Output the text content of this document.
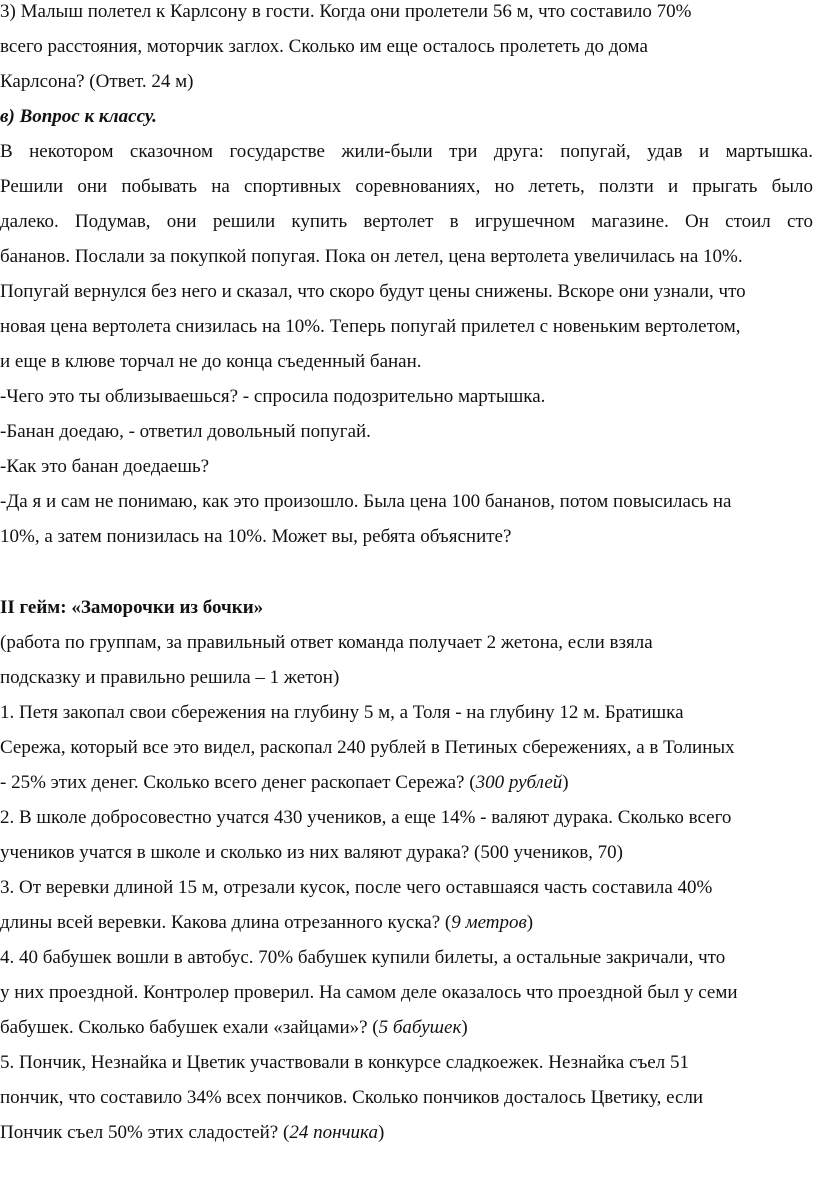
3) Малыш полетел к Карлсону в гости. Когда они пролетели 56 м, что составило 70%
всего расстояния, моторчик заглох. Сколько им еще осталось пролететь до дома
Карлсона? (Ответ. 24 м)
в) Вопрос к классу.
В некотором сказочном государстве жили-были три друга: попугай, удав и мартышка.
Решили они побывать на спортивных соревнованиях, но лететь, ползти и прыгать было
далеко. Подумав, они решили купить вертолет в игрушечном магазине. Он стоил сто
бананов. Послали за покупкой попугая. Пока он летел, цена вертолета увеличилась на 10%.
Попугай вернулся без него и сказал, что скоро будут цены снижены. Вскоре они узнали, что
новая цена вертолета снизилась на 10%. Теперь попугай прилетел с новеньким вертолетом,
и еще в клюве торчал не до конца съеденный банан.
-Чего это ты облизываешься? - спросила подозрительно мартышка.
-Банан доедаю, - ответил довольный попугай.
-Как это банан доедаешь?
-Да я и сам не понимаю, как это произошло. Была цена 100 бананов, потом повысилась на
10%, а затем понизилась на 10%. Может вы, ребята объясните?
II гейм: «Заморочки из бочки»
(работа по группам, за правильный ответ команда получает 2 жетона, если взяла
подсказку и правильно решила – 1 жетон)
1. Петя закопал свои сбережения на глубину 5 м, а Толя - на глубину 12 м. Братишка
Сережа, который все это видел, раскопал 240 рублей в Петиных сбережениях, а в Толиных
- 25% этих денег. Сколько всего денег раскопает Сережа? ( 300 рублей )
2. В школе добросовестно учатся 430 учеников, а еще 14% - валяют дурака. Сколько всего
учеников учатся в школе и сколько из них валяют дурака? (500 учеников, 70)
3. От веревки длиной 15 м, отрезали кусок, после чего оставшаяся часть составила 40%
длины всей веревки. Какова длина отрезанного куска? ( 9 метров )
4. 40 бабушек вошли в автобус. 70% бабушек купили билеты, а остальные закричали, что
у них проездной. Контролер проверил. На самом деле оказалось что проездной был у семи
бабушек. Сколько бабушек ехали «зайцами»? ( 5 бабушек )
5. Пончик, Незнайка и Цветик участвовали в конкурсе сладкоежек. Незнайка съел 51
пончик, что составило 34% всех пончиков. Сколько пончиков досталось Цветику, если
Пончик съел 50% этих сладостей? ( 24 пончика )
